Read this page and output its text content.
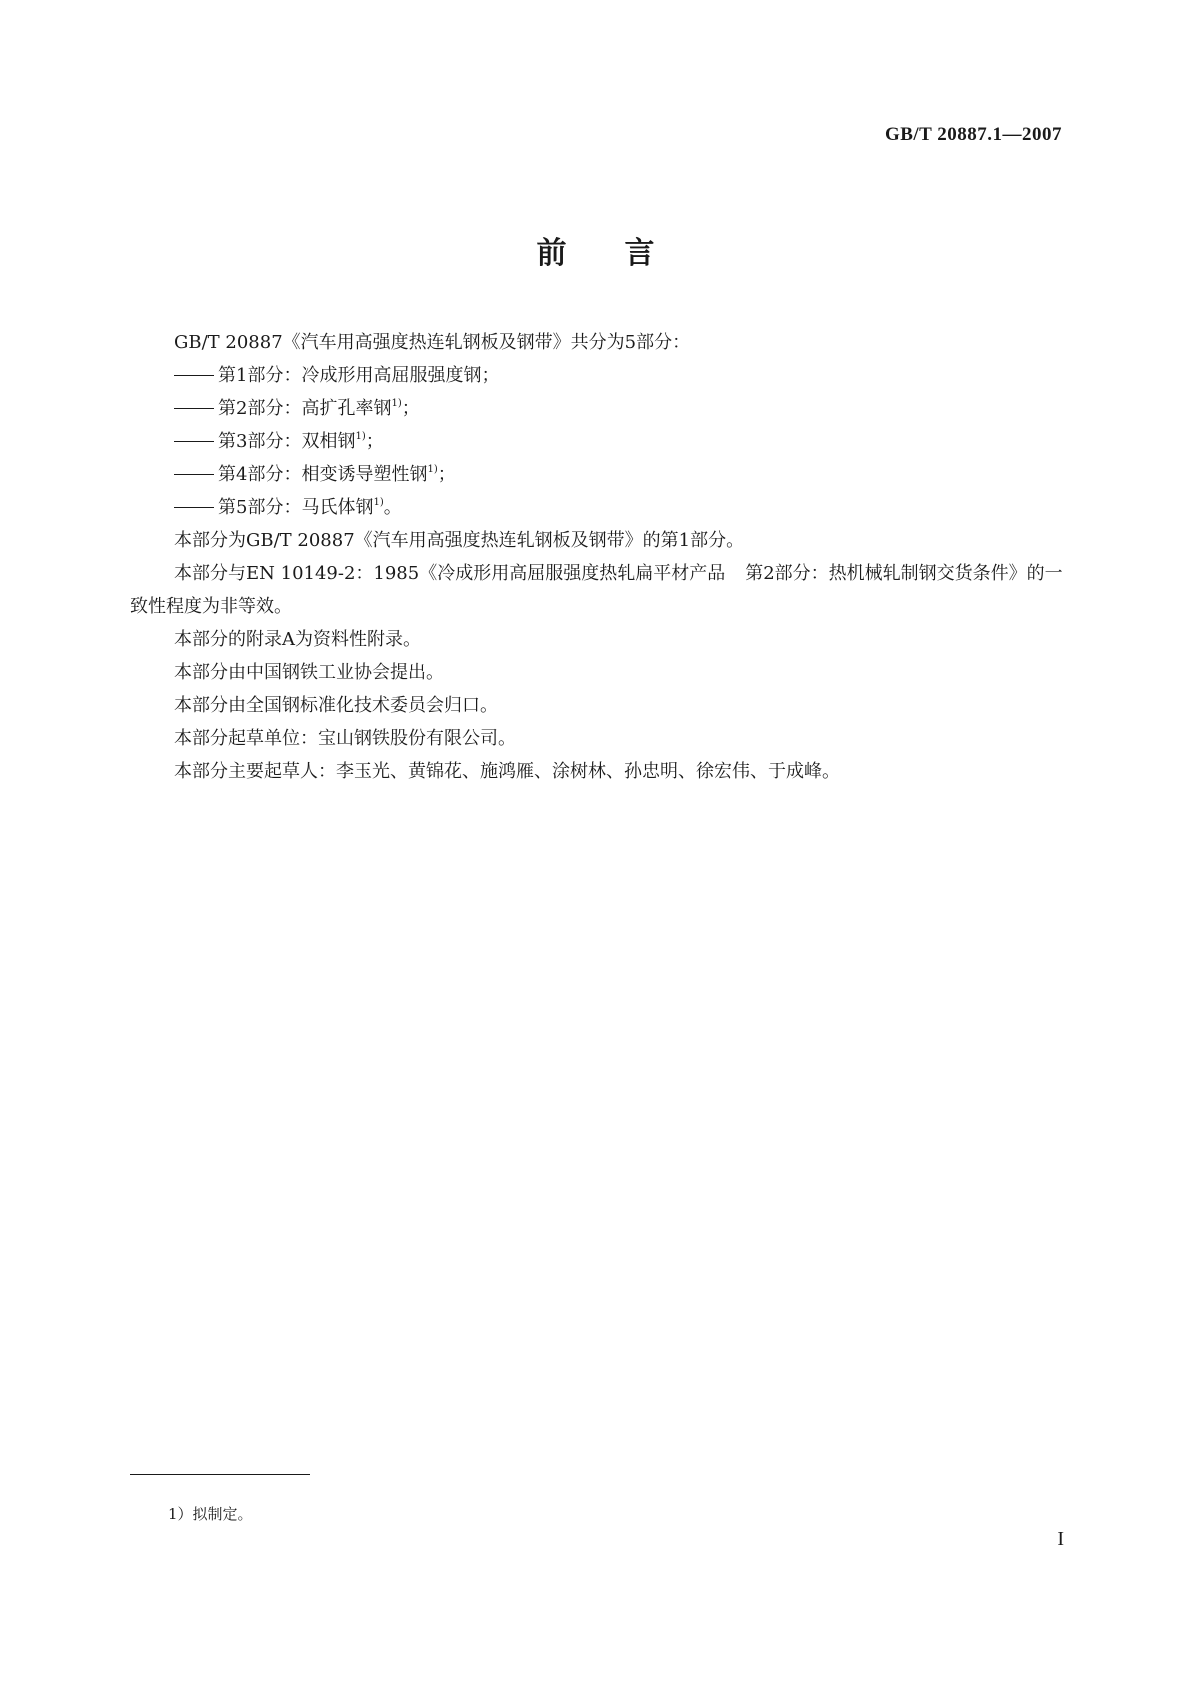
GB/T 20887.1—2007
前言

GB/T 20887《汽车用高强度热连轧钢板及钢带》共分为5部分：

第1部分：冷成形用高屈服强度钢；

第2部分：高扩孔率钢$^{1)}$；

第3部分：双相钢$^{1)}$；

第4部分：相变诱导塑性钢$^{1)}$；

第5部分：马氏体钢$^{1)}$。

本部分为GB/T 20887《汽车用高强度热连轧钢板及钢带》的第1部分。

本部分与EN 10149-2：1985《冷成形用高屈服强度热轧扁平材产品 第2部分：热机械轧制钢交货条件》的一致性程度为非等效。

本部分的附录A为资料性附录。

本部分由中国钢铁工业协会提出。

本部分由全国钢标准化技术委员会归口。

本部分起草单位：宝山钢铁股份有限公司。

本部分主要起草人：李玉光、黄锦花、施鸿雁、涂树林、孙忠明、徐宏伟、于成峰。

1）拟制定。
I
